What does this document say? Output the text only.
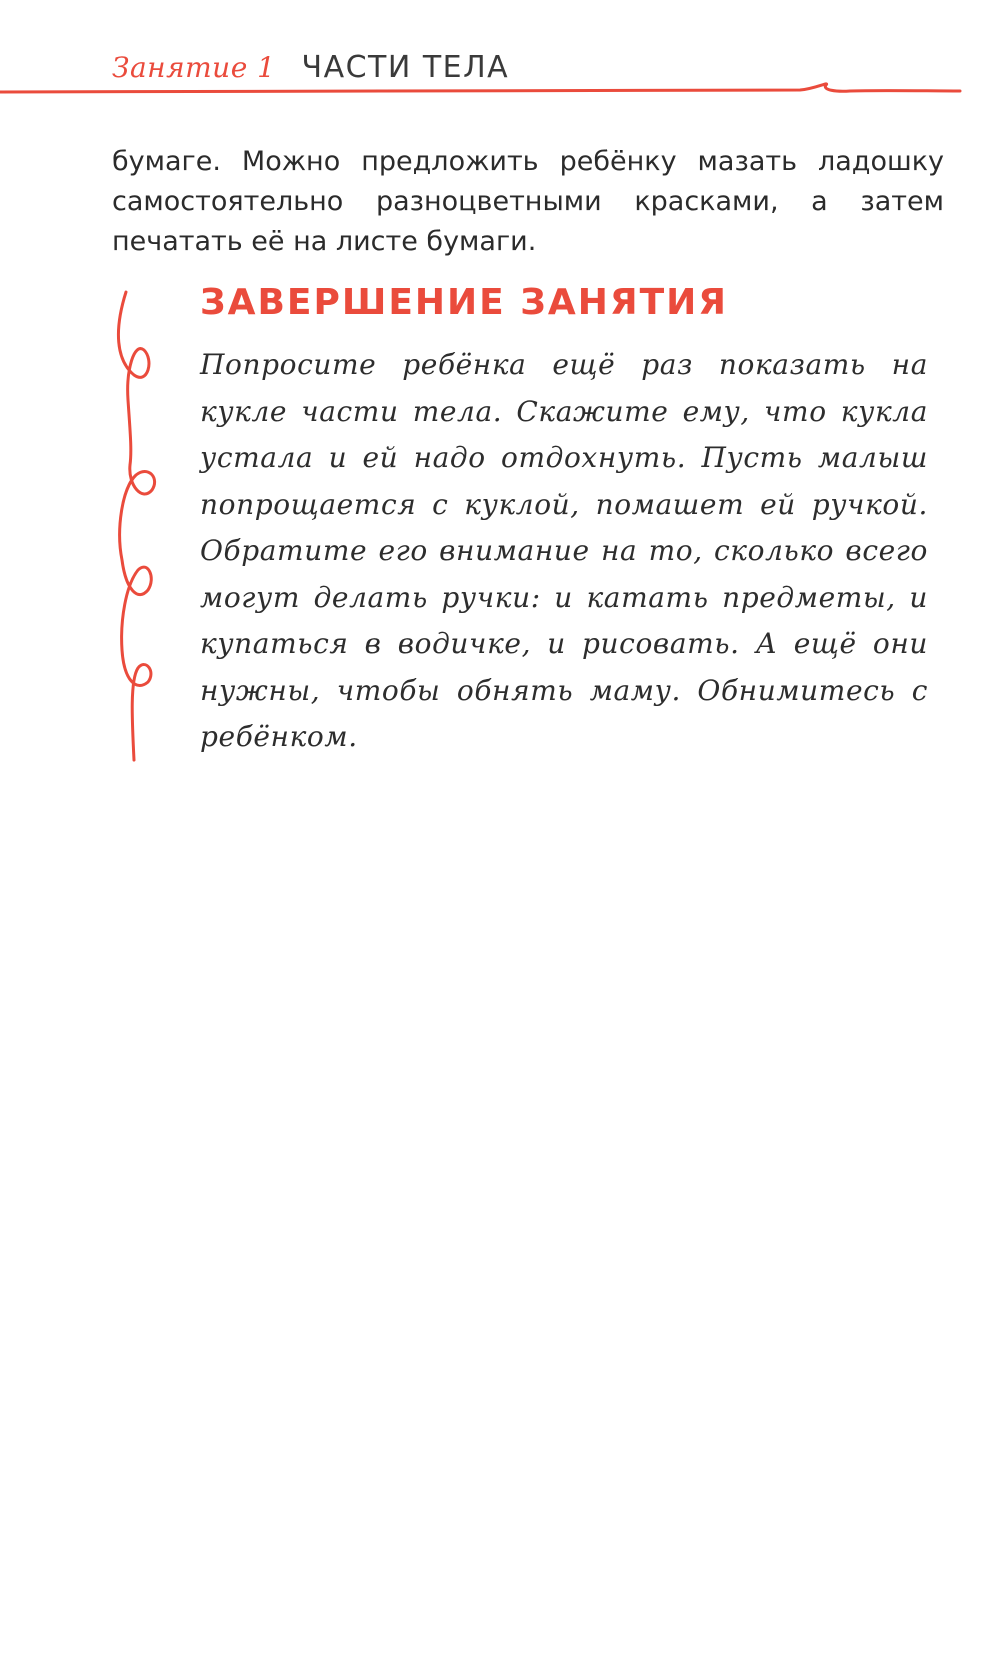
Занятие 1 ЧАСТИ ТЕЛА
бумаге. Можно предложить ребёнку мазать ладошку самостоятельно разноцветными красками, а затем печатать её на листе бумаги.
ЗАВЕРШЕНИЕ ЗАНЯТИЯ
Попросите ребёнка ещё раз показать на кукле части тела. Скажите ему, что кукла устала и ей надо отдохнуть. Пусть малыш попрощается с куклой, помашет ей ручкой. Обратите его внимание на то, сколько всего могут делать ручки: и катать предметы, и купаться в водичке, и рисовать. А ещё они нужны, чтобы обнять маму. Обнимитесь с ребёнком.
